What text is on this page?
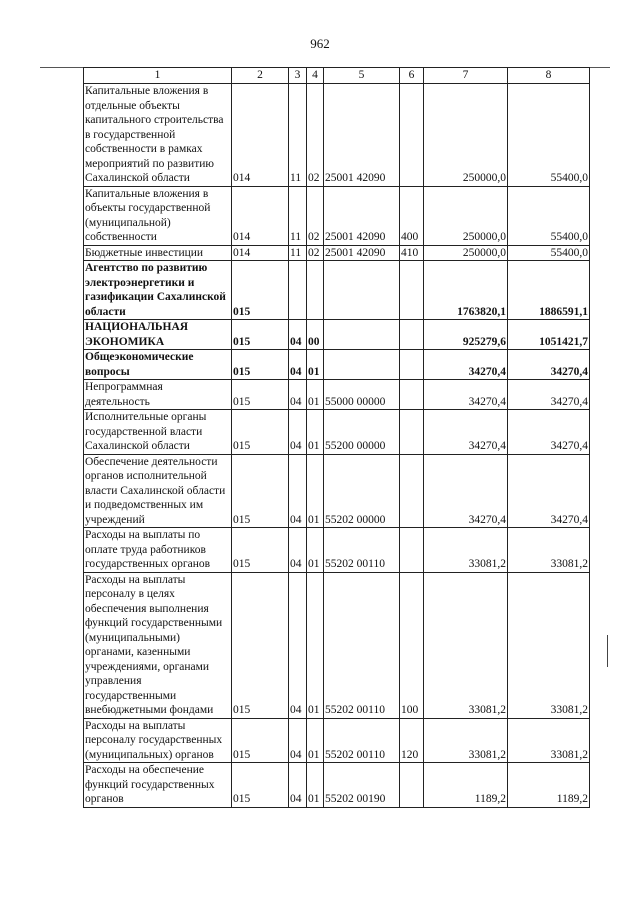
962
1	2	3	4	5	6	7	8
Капитальные вложения в отдельные объекты капитального строительства в государственной собственности в рамках мероприятий по развитию Сахалинской области	014	11	02	25001 42090		250000,0	55400,0
Капитальные вложения в объекты государственной (муниципальной) собственности	014	11	02	25001 42090	400	250000,0	55400,0
Бюджетные инвестиции	014	11	02	25001 42090	410	250000,0	55400,0
Агентство по развитию электроэнергетики и газификации Сахалинской области	015					1763820,1	1886591,1
НАЦИОНАЛЬНАЯ ЭКОНОМИКА	015	04	00			925279,6	1051421,7
Общеэкономические вопросы	015	04	01			34270,4	34270,4
Непрограммная деятельность	015	04	01	55000 00000		34270,4	34270,4
Исполнительные органы государственной власти Сахалинской области	015	04	01	55200 00000		34270,4	34270,4
Обеспечение деятельности органов исполнительной власти Сахалинской области и подведомственных им учреждений	015	04	01	55202 00000		34270,4	34270,4
Расходы на выплаты по оплате труда работников государственных органов	015	04	01	55202 00110		33081,2	33081,2
Расходы на выплаты персоналу в целях обеспечения выполнения функций государственными (муниципальными) органами, казенными учреждениями, органами управления государственными внебюджетными фондами	015	04	01	55202 00110	100	33081,2	33081,2
Расходы на выплаты персоналу государственных (муниципальных) органов	015	04	01	55202 00110	120	33081,2	33081,2
Расходы на обеспечение функций государственных органов	015	04	01	55202 00190		1189,2	1189,2
